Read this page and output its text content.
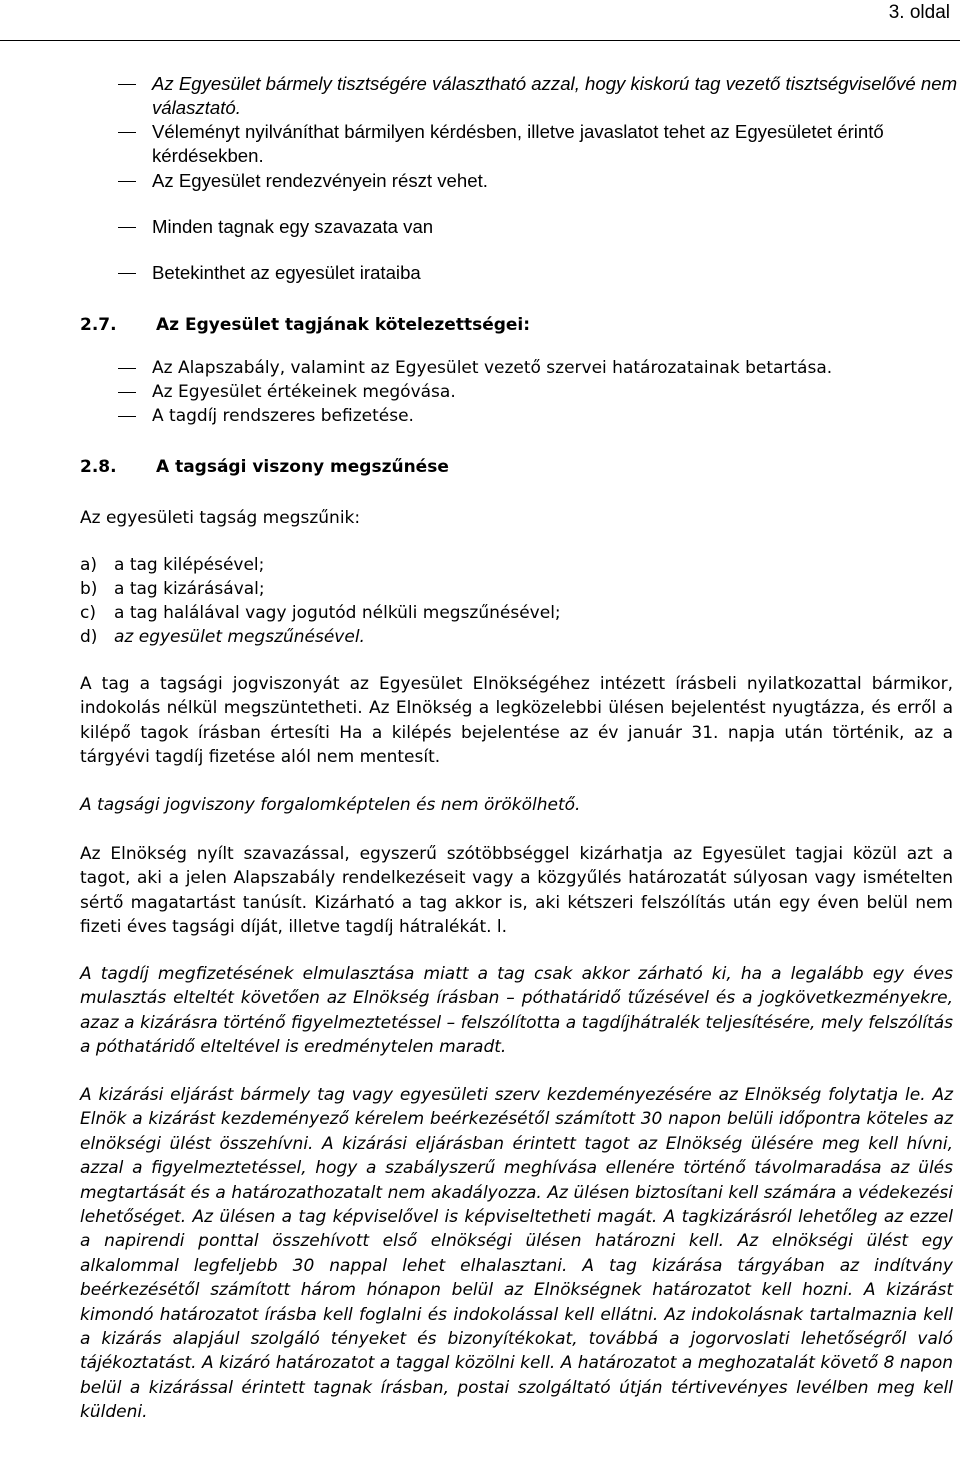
3. oldal
Az Egyesület bármely tisztségére választható azzal, hogy kiskorú tag vezető tisztségviselővé nem választató.
Véleményt nyilváníthat bármilyen kérdésben, illetve javaslatot tehet az Egyesületet érintő kérdésekben.
Az Egyesület rendezvényein részt vehet.
Minden tagnak egy szavazata van
Betekinthet az egyesület irataiba
2.7. Az Egyesület tagjának kötelezettségei:
Az Alapszabály, valamint az Egyesület vezető szervei határozatainak betartása.
Az Egyesület értékeinek megóvása.
A tagdíj rendszeres befizetése.
2.8. A tagsági viszony megszűnése

Az egyesületi tagság megszűnik:

a) a tag kilépésével;
b) a tag kizárásával;
c) a tag halálával vagy jogutód nélküli megszűnésével;
d) az egyesület megszűnésével.

A tag a tagsági jogviszonyát az Egyesület Elnökségéhez intézett írásbeli nyilatkozattal bármikor, indokolás nélkül megszüntetheti. Az Elnökség a legközelebbi ülésen bejelentést nyugtázza, és erről a kilépő tagok írásban értesíti Ha a kilépés bejelentése az év január 31. napja után történik, az a tárgyévi tagdíj fizetése alól nem mentesít.

A tagsági jogviszony forgalomképtelen és nem örökölhető.

Az Elnökség nyílt szavazással, egyszerű szótöbbséggel kizárhatja az Egyesület tagjai közül azt a tagot, aki a jelen Alapszabály rendelkezéseit vagy a közgyűlés határozatát súlyosan vagy ismételten sértő magatartást tanúsít. Kizárható a tag akkor is, aki kétszeri felszólítás után egy éven belül nem fizeti éves tagsági díját, illetve tagdíj hátralékát. l.

A tagdíj megfizetésének elmulasztása miatt a tag csak akkor zárható ki, ha a legalább egy éves mulasztás elteltét követően az Elnökség írásban – póthatáridő tűzésével és a jogkövetkezményekre, azaz a kizárásra történő figyelmeztetéssel – felszólította a tagdíjhátralék teljesítésére, mely felszólítás a póthatáridő elteltével is eredménytelen maradt.

A kizárási eljárást bármely tag vagy egyesületi szerv kezdeményezésére az Elnökség folytatja le. Az Elnök a kizárást kezdeményező kérelem beérkezésétől számított 30 napon belüli időpontra köteles az elnökségi ülést összehívni. A kizárási eljárásban érintett tagot az Elnökség ülésére meg kell hívni, azzal a figyelmeztetéssel, hogy a szabályszerű meghívása ellenére történő távolmaradása az ülés megtartását és a határozathozatalt nem akadályozza. Az ülésen biztosítani kell számára a védekezési lehetőséget. Az ülésen a tag képviselővel is képviseltetheti magát. A tagkizárásról lehetőleg az ezzel a napirendi ponttal összehívott első elnökségi ülésen határozni kell. Az elnökségi ülést egy alkalommal legfeljebb 30 nappal lehet elhalasztani. A tag kizárása tárgyában az indítvány beérkezésétől számított három hónapon belül az Elnökségnek határozatot kell hozni. A kizárást kimondó határozatot írásba kell foglalni és indokolással kell ellátni. Az indokolásnak tartalmaznia kell a kizárás alapjául szolgáló tényeket és bizonyítékokat, továbbá a jogorvoslati lehetőségről való tájékoztatást. A kizáró határozatot a taggal közölni kell. A határozatot a meghozatalát követő 8 napon belül a kizárással érintett tagnak írásban, postai szolgáltató útján tértivevényes levélben meg kell küldeni.
